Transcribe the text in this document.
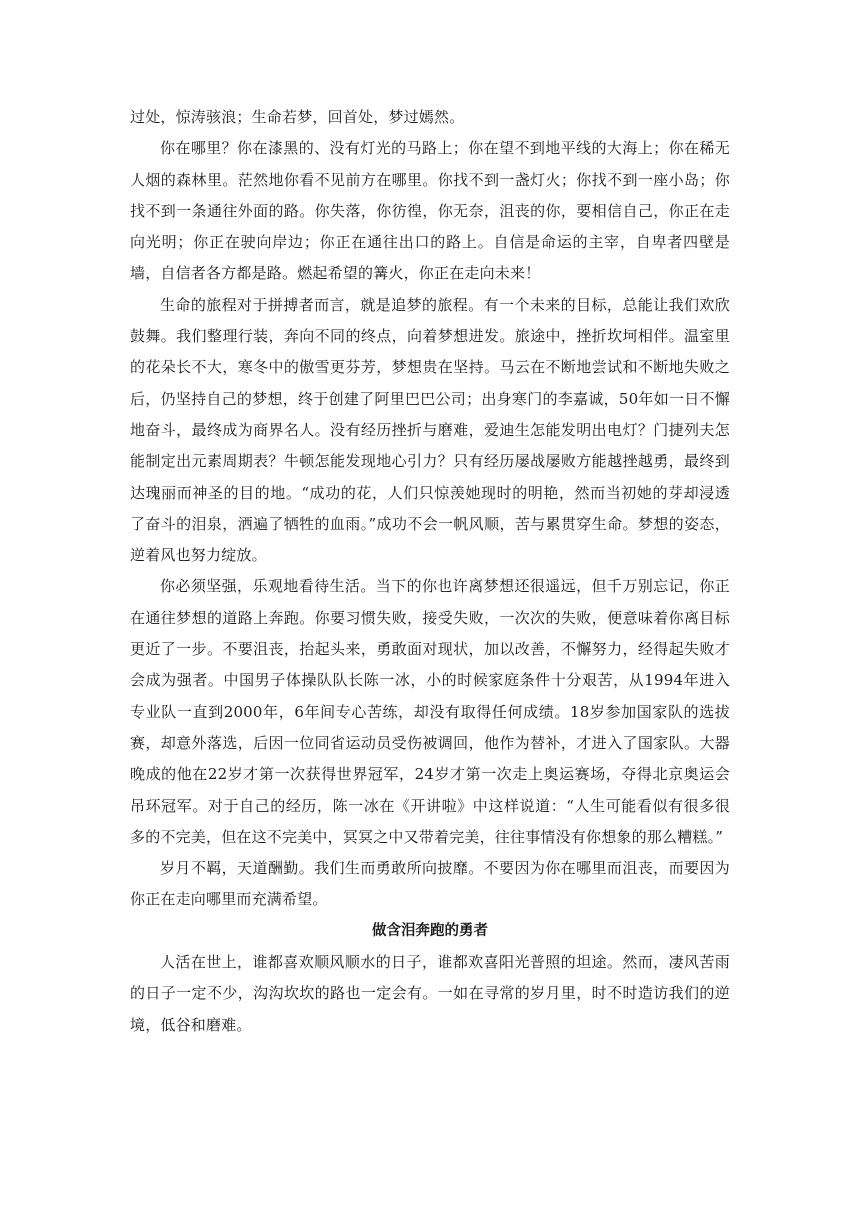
过处，惊涛骇浪；生命若梦，回首处，梦过嫣然。

你在哪里？你在漆黑的、没有灯光的马路上；你在望不到地平线的大海上；你在稀无人烟的森林里。茫然地你看不见前方在哪里。你找不到一盏灯火；你找不到一座小岛；你找不到一条通往外面的路。你失落，你彷徨，你无奈，沮丧的你，要相信自己，你正在走向光明；你正在驶向岸边；你正在通往出口的路上。自信是命运的主宰，自卑者四壁是墙，自信者各方都是路。燃起希望的篝火，你正在走向未来！

生命的旅程对于拼搏者而言，就是追梦的旅程。有一个未来的目标，总能让我们欢欣鼓舞。我们整理行装，奔向不同的终点，向着梦想进发。旅途中，挫折坎坷相伴。温室里的花朵长不大，寒冬中的傲雪更芬芳，梦想贵在坚持。马云在不断地尝试和不断地失败之后，仍坚持自己的梦想，终于创建了阿里巴巴公司；出身寒门的李嘉诚，50年如一日不懈地奋斗，最终成为商界名人。没有经历挫折与磨难，爱迪生怎能发明出电灯？门捷列夫怎能制定出元素周期表？牛顿怎能发现地心引力？只有经历屡战屡败方能越挫越勇，最终到达瑰丽而神圣的目的地。“成功的花，人们只惊羡她现时的明艳，然而当初她的芽却浸透了奋斗的泪泉，洒遍了牺牲的血雨。”成功不会一帆风顺，苦与累贯穿生命。梦想的姿态，逆着风也努力绽放。

你必须坚强，乐观地看待生活。当下的你也许离梦想还很遥远，但千万别忘记，你正在通往梦想的道路上奔跑。你要习惯失败，接受失败，一次次的失败，便意味着你离目标更近了一步。不要沮丧，抬起头来，勇敢面对现状，加以改善，不懈努力，经得起失败才会成为强者。中国男子体操队队长陈一冰，小的时候家庭条件十分艰苦，从1994年进入专业队一直到2000年，6年间专心苦练，却没有取得任何成绩。18岁参加国家队的选拔赛，却意外落选，后因一位同省运动员受伤被调回，他作为替补，才进入了国家队。大器晚成的他在22岁才第一次获得世界冠军，24岁才第一次走上奥运赛场，夺得北京奥运会吊环冠军。对于自己的经历，陈一冰在《开讲啦》中这样说道：“人生可能看似有很多很多的不完美，但在这不完美中，冥冥之中又带着完美，往往事情没有你想象的那么糟糕。”

岁月不羁，天道酬勤。我们生而勇敢所向披靡。不要因为你在哪里而沮丧，而要因为你正在走向哪里而充满希望。

做含泪奔跑的勇者

人活在世上，谁都喜欢顺风顺水的日子，谁都欢喜阳光普照的坦途。然而，凄风苦雨的日子一定不少，沟沟坎坎的路也一定会有。一如在寻常的岁月里，时不时造访我们的逆境，低谷和磨难。
